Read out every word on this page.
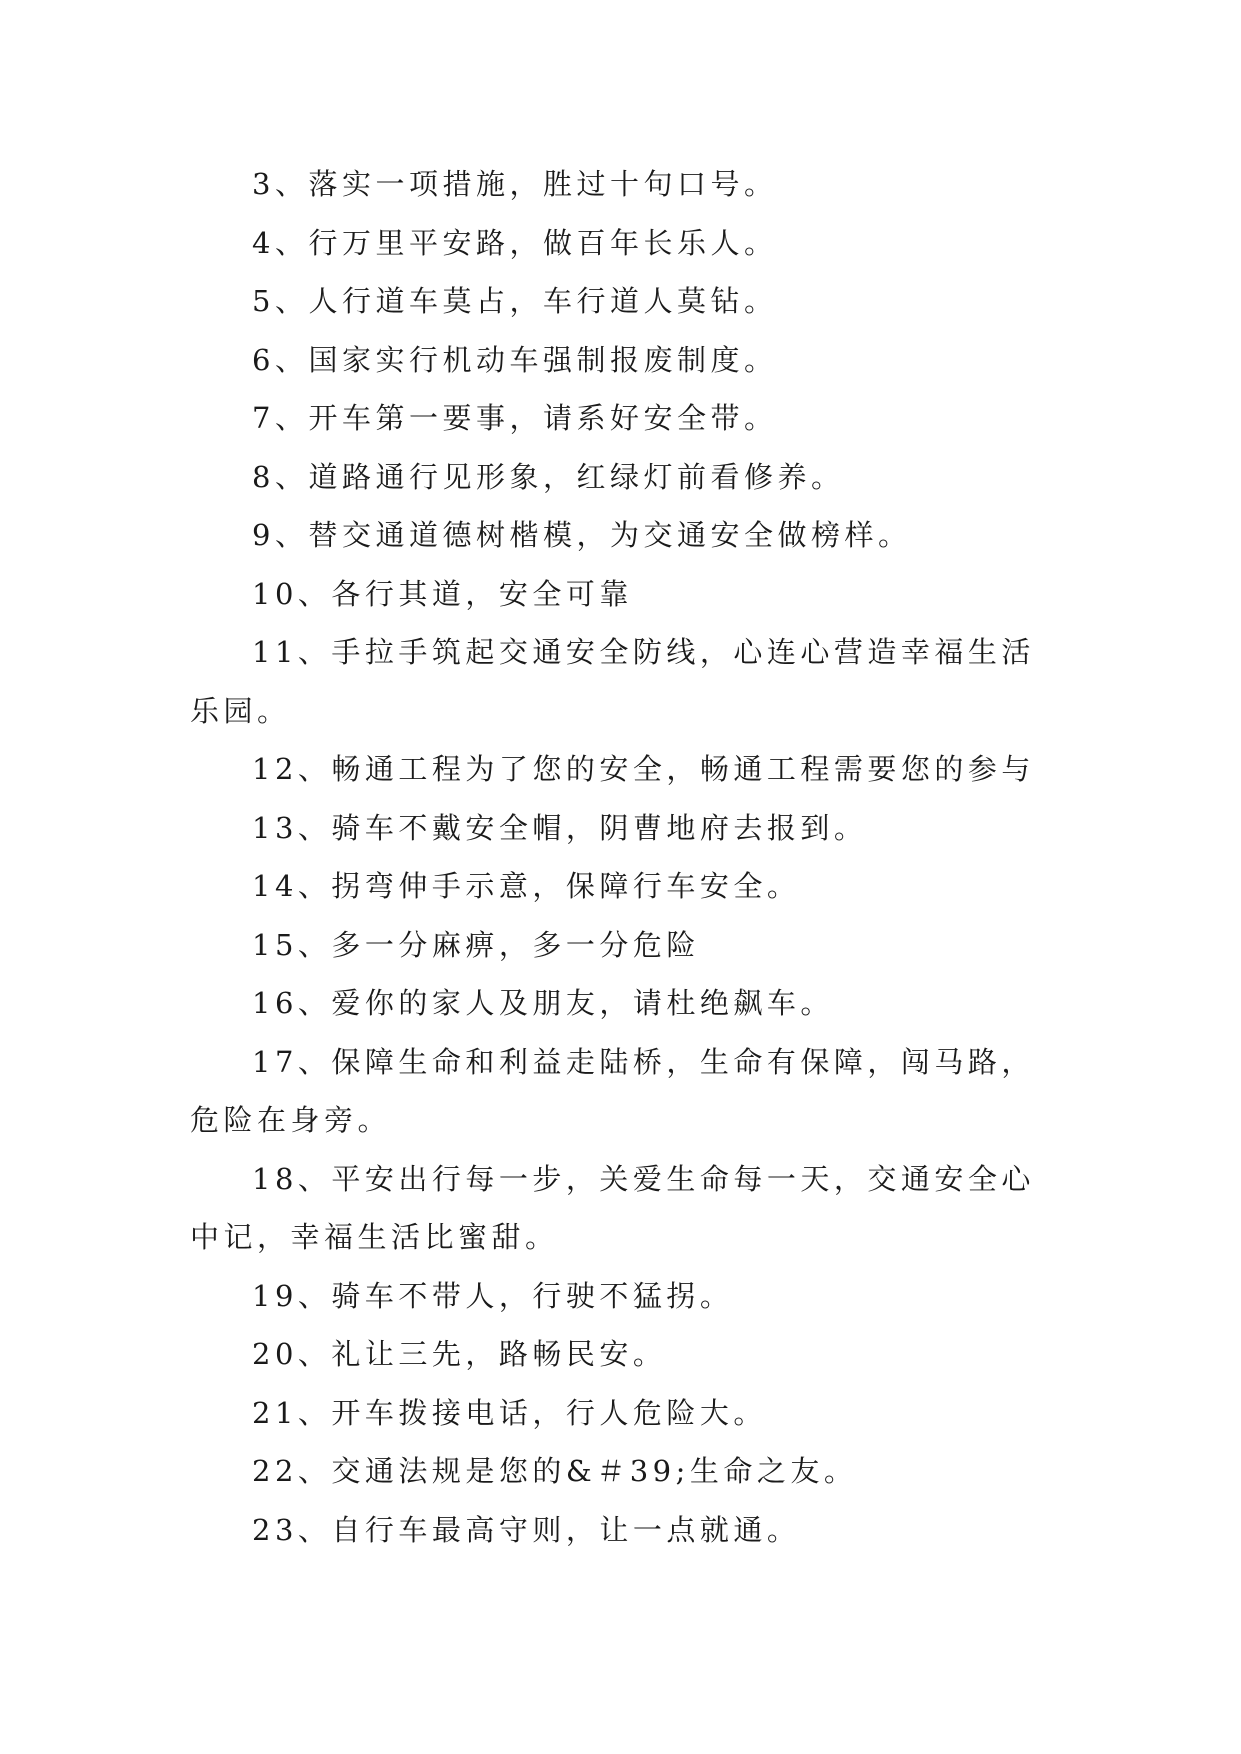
3、落实一项措施，胜过十句口号。

4、行万里平安路，做百年长乐人。

5、人行道车莫占，车行道人莫钻。

6、国家实行机动车强制报废制度。

7、开车第一要事，请系好安全带。

8、道路通行见形象，红绿灯前看修养。

9、替交通道德树楷模，为交通安全做榜样。

10、各行其道，安全可靠

11、手拉手筑起交通安全防线，心连心营造幸福生活乐园。

12、畅通工程为了您的安全，畅通工程需要您的参与

13、骑车不戴安全帽，阴曹地府去报到。

14、拐弯伸手示意，保障行车安全。

15、多一分麻痹，多一分危险

16、爱你的家人及朋友，请杜绝飙车。

17、保障生命和利益走陆桥，生命有保障，闯马路，危险在身旁。

18、平安出行每一步，关爱生命每一天，交通安全心中记，幸福生活比蜜甜。

19、骑车不带人，行驶不猛拐。

20、礼让三先，路畅民安。

21、开车拨接电话，行人危险大。

22、交通法规是您的&＃39;生命之友。

23、自行车最高守则，让一点就通。
